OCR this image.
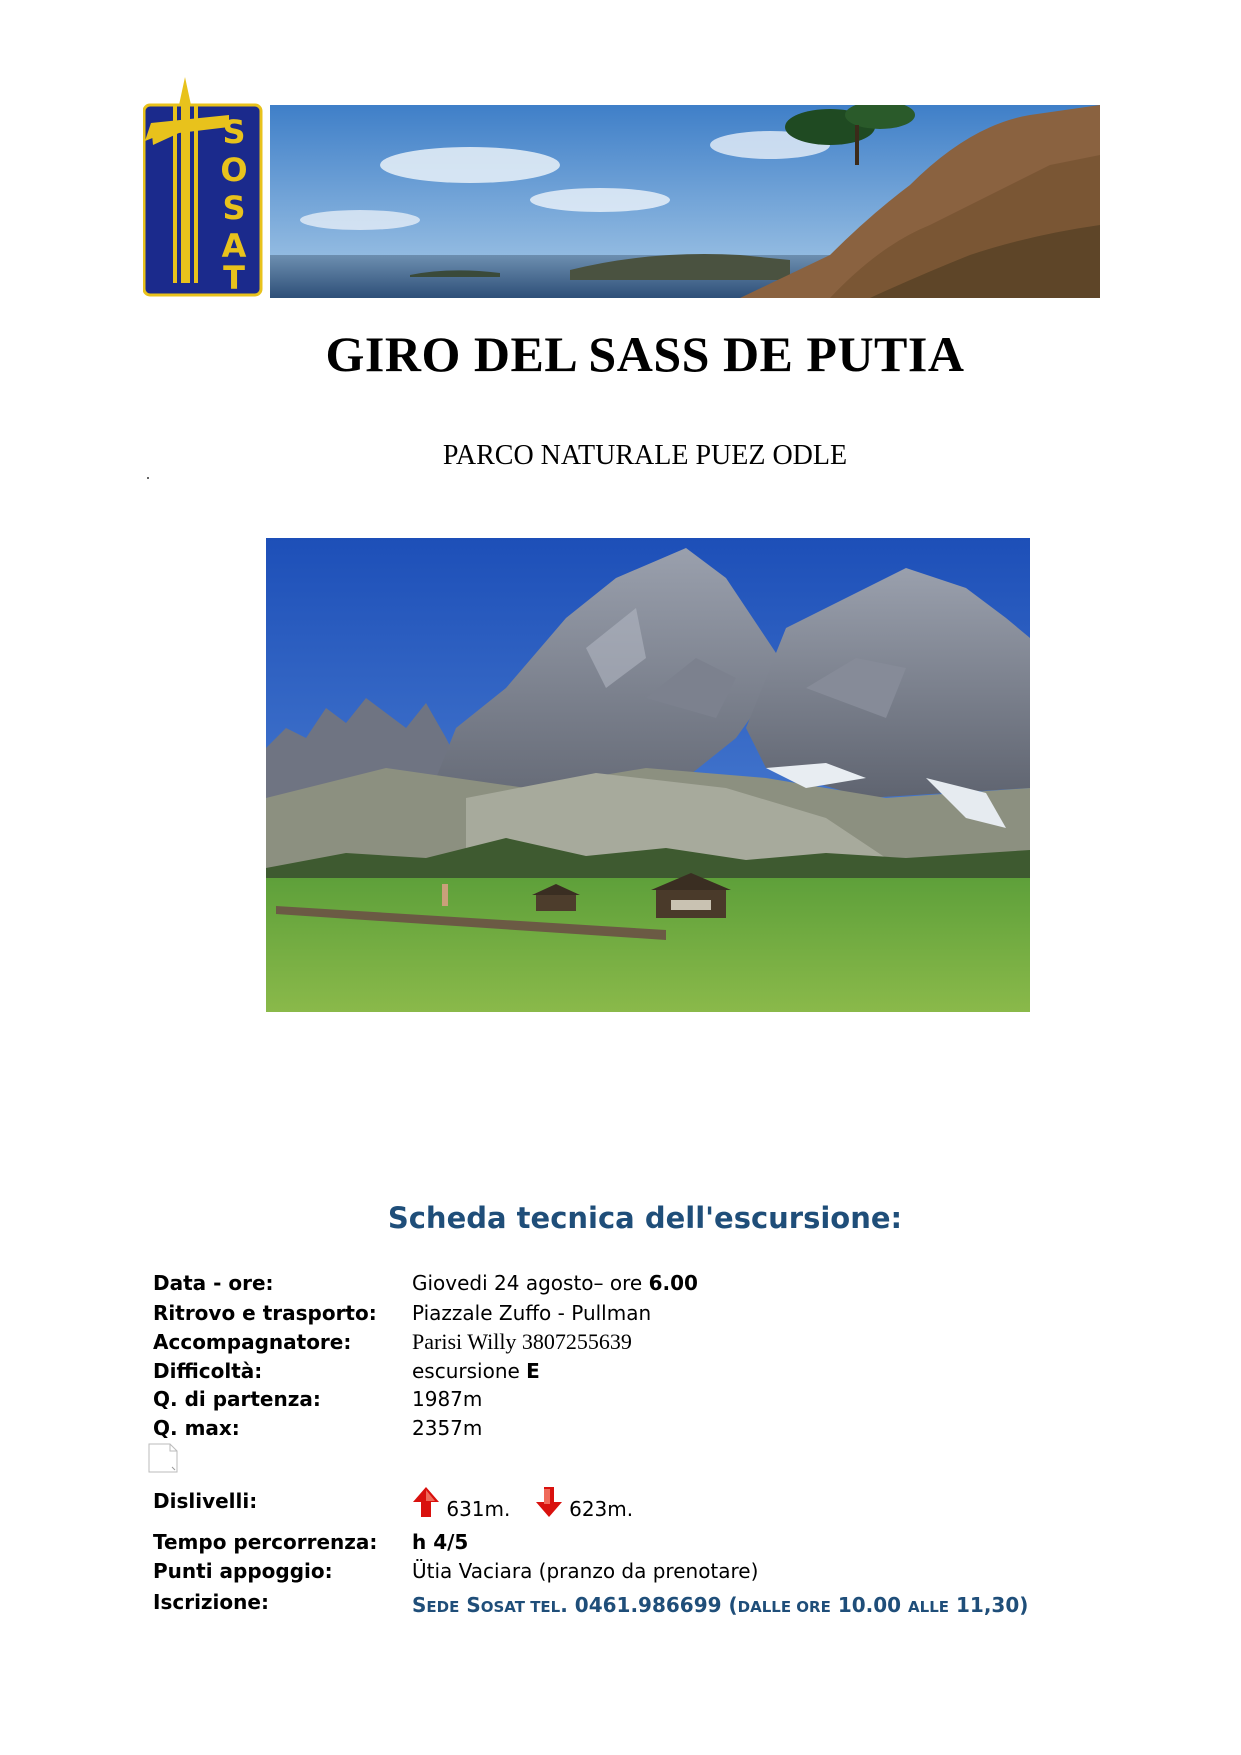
S
O
S
A
T
GIRO DEL SASS DE PUTIA
PARCO NATURALE PUEZ ODLE
Scheda tecnica dell'escursione:
Data - ore:	Giovedi 24 agosto– ore 6.00
Ritrovo e trasporto:	Piazzale Zuffo - Pullman
Accompagnatore:	Parisi Willy 3807255639
Difficoltà:	escursione E
Q. di partenza:	1987m
Q. max:	2357m
Dislivelli:	631m.	623m.
Tempo percorrenza:	h 4/5
Punti appoggio:	Ütia Vaciara (pranzo da prenotare)
Iscrizione:	SEDE SOSAT TEL. 0461.986699 (DALLE ORE 10.00 ALLE 11,30)
